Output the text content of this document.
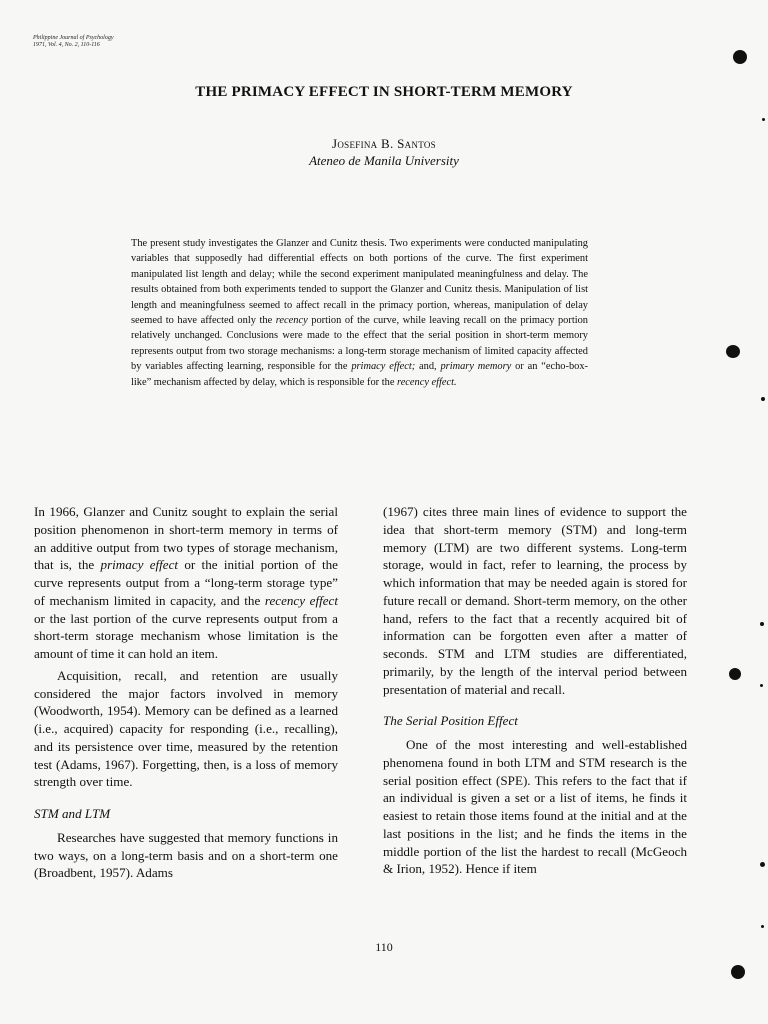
Philippine Journal of Psychology
1971, Vol. 4, No. 2, 110-116
THE PRIMACY EFFECT IN SHORT-TERM MEMORY
Josefina B. Santos
Ateneo de Manila University

The present study investigates the Glanzer and Cunitz thesis. Two experiments were conducted manipulating variables that supposedly had differential effects on both portions of the curve. The first experiment manipulated list length and delay; while the second experiment manipulated meaningfulness and delay. The results obtained from both experiments tended to support the Glanzer and Cunitz thesis. Manipulation of list length and meaningfulness seemed to affect recall in the primacy portion, whereas, manipulation of delay seemed to have affected only the recency portion of the curve, while leaving recall on the primacy portion relatively unchanged. Conclusions were made to the effect that the serial position in short-term memory represents output from two storage mechanisms: a long-term storage mechanism of limited capacity affected by variables affecting learning, responsible for the primacy effect; and, primary memory or an “echo-box-like” mechanism affected by delay, which is responsible for the recency effect.

In 1966, Glanzer and Cunitz sought to explain the serial position phenomenon in short-term memory in terms of an additive output from two types of storage mechanism, that is, the primacy effect or the initial portion of the curve represents output from a “long-term storage type” of mechanism limited in capacity, and the recency effect or the last portion of the curve represents output from a short-term storage mechanism whose limitation is the amount of time it can hold an item.

Acquisition, recall, and retention are usually considered the major factors involved in memory (Woodworth, 1954). Memory can be defined as a learned (i.e., acquired) capacity for responding (i.e., recalling), and its persistence over time, measured by the retention test (Adams, 1967). Forgetting, then, is a loss of memory strength over time.

STM and LTM

Researches have suggested that memory functions in two ways, on a long-term basis and on a short-term one (Broadbent, 1957). Adams

(1967) cites three main lines of evidence to support the idea that short-term memory (STM) and long-term memory (LTM) are two different systems. Long-term storage, would in fact, refer to learning, the process by which information that may be needed again is stored for future recall or demand. Short-term memory, on the other hand, refers to the fact that a recently acquired bit of information can be forgotten even after a matter of seconds. STM and LTM studies are differentiated, primarily, by the length of the interval period between presentation of material and recall.

The Serial Position Effect

One of the most interesting and well-established phenomena found in both LTM and STM research is the serial position effect (SPE). This refers to the fact that if an individual is given a set or a list of items, he finds it easiest to retain those items found at the initial and at the last positions in the list; and he finds the items in the middle portion of the list the hardest to recall (McGeoch & Irion, 1952). Hence if item

110
